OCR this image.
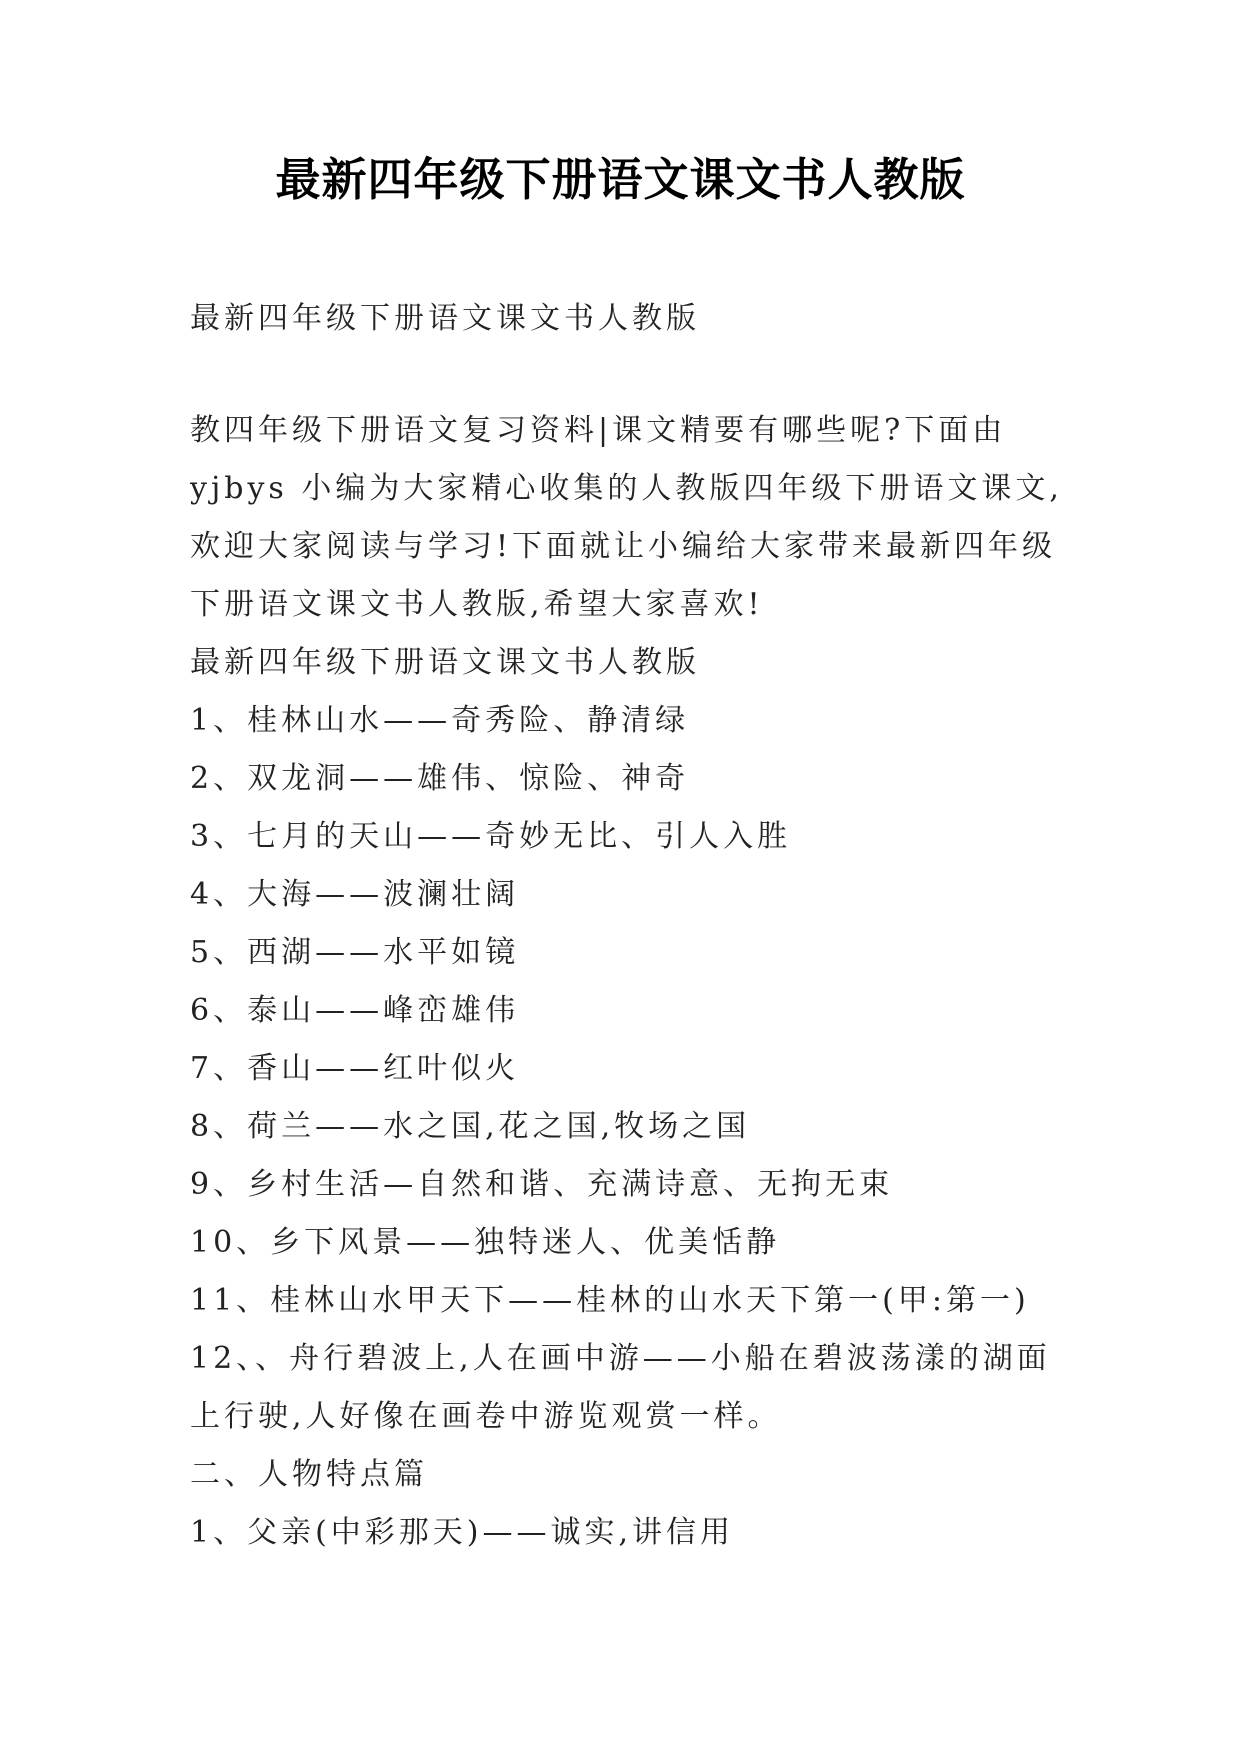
最新四年级下册语文课文书人教版

最新四年级下册语文课文书人教版

教四年级下册语文复习资料|课文精要有哪些呢?下面由
yjbys 小编为大家精心收集的人教版四年级下册语文课文,
欢迎大家阅读与学习!下面就让小编给大家带来最新四年级
下册语文课文书人教版,希望大家喜欢!
最新四年级下册语文课文书人教版
1、桂林山水——奇秀险、静清绿
2、双龙洞——雄伟、惊险、神奇
3、七月的天山——奇妙无比、引人入胜
4、大海——波澜壮阔
5、西湖——水平如镜
6、泰山——峰峦雄伟
7、香山——红叶似火
8、荷兰——水之国,花之国,牧场之国
9、乡村生活—自然和谐、充满诗意、无拘无束
10、乡下风景——独特迷人、优美恬静
11、桂林山水甲天下——桂林的山水天下第一(甲:第一)
12、、舟行碧波上,人在画中游——小船在碧波荡漾的湖面
上行驶,人好像在画卷中游览观赏一样。
二、人物特点篇
1、父亲(中彩那天)——诚实,讲信用
